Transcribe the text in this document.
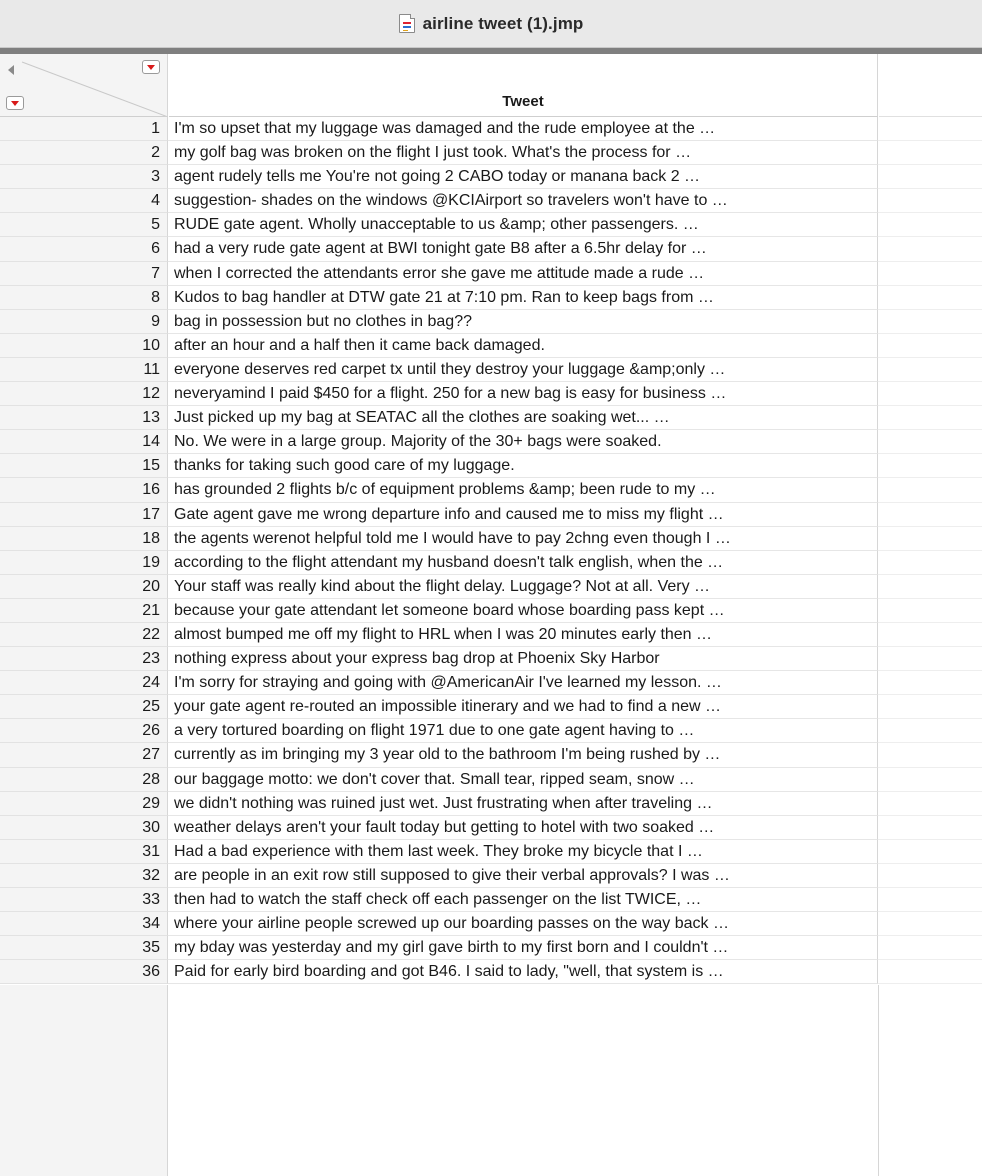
airline tweet (1).jmp
Tweet
1 I'm so upset that my luggage was damaged and the rude employee at the …
2 my golf bag was broken on the flight I just took. What's the process for …
3 agent rudely tells me You're not going 2 CABO today or manana back 2 …
4 suggestion- shades on the windows @KCIAirport so travelers won't have to …
5 RUDE gate agent. Wholly unacceptable to us &amp; other passengers. …
6 had a very rude gate agent at BWI tonight gate B8 after a 6.5hr delay for …
7 when I corrected the attendants error she gave me attitude made a rude …
8 Kudos to bag handler at DTW gate 21 at 7:10 pm. Ran to keep bags from …
9 bag in possession but no clothes in bag??
10 after an hour and a half then it came back damaged.
11 everyone deserves red carpet tx until they destroy your luggage &amp;only …
12 neveryamind I paid $450 for a flight. 250 for a new bag is easy for business …
13 Just picked up my bag at SEATAC all the clothes are soaking wet... …
14 No. We were in a large group. Majority of the 30+ bags were soaked.
15 thanks for taking such good care of my luggage.
16 has grounded 2 flights b/c of equipment problems &amp; been rude to my …
17 Gate agent gave me wrong departure info and caused me to miss my flight …
18 the agents werenot helpful told me I would have to pay 2chng even though I …
19 according to the flight attendant my husband doesn't talk english, when the …
20 Your staff was really kind about the flight delay. Luggage? Not at all. Very …
21 because your gate attendant let someone board whose boarding pass kept …
22 almost bumped me off my flight to HRL when I was 20 minutes early then …
23 nothing express about your express bag drop at Phoenix Sky Harbor
24 I'm sorry for straying and going with @AmericanAir I've learned my lesson. …
25 your gate agent re-routed an impossible itinerary and we had to find a new …
26 a very tortured boarding on flight 1971 due to one gate agent having to …
27 currently as im bringing my 3 year old to the bathroom I'm being rushed by …
28 our baggage motto: we don't cover that. Small tear, ripped seam, snow …
29 we didn't nothing was ruined just wet. Just frustrating when after traveling …
30 weather delays aren't your fault today but getting to hotel with two soaked …
31 Had a bad experience with them last week. They broke my bicycle that I …
32 are people in an exit row still supposed to give their verbal approvals? I was …
33 then had to watch the staff check off each passenger on the list TWICE, …
34 where your airline people screwed up our boarding passes on the way back …
35 my bday was yesterday and my girl gave birth to my first born and I couldn't …
36 Paid for early bird boarding and got B46. I said to lady, "well, that system is …
